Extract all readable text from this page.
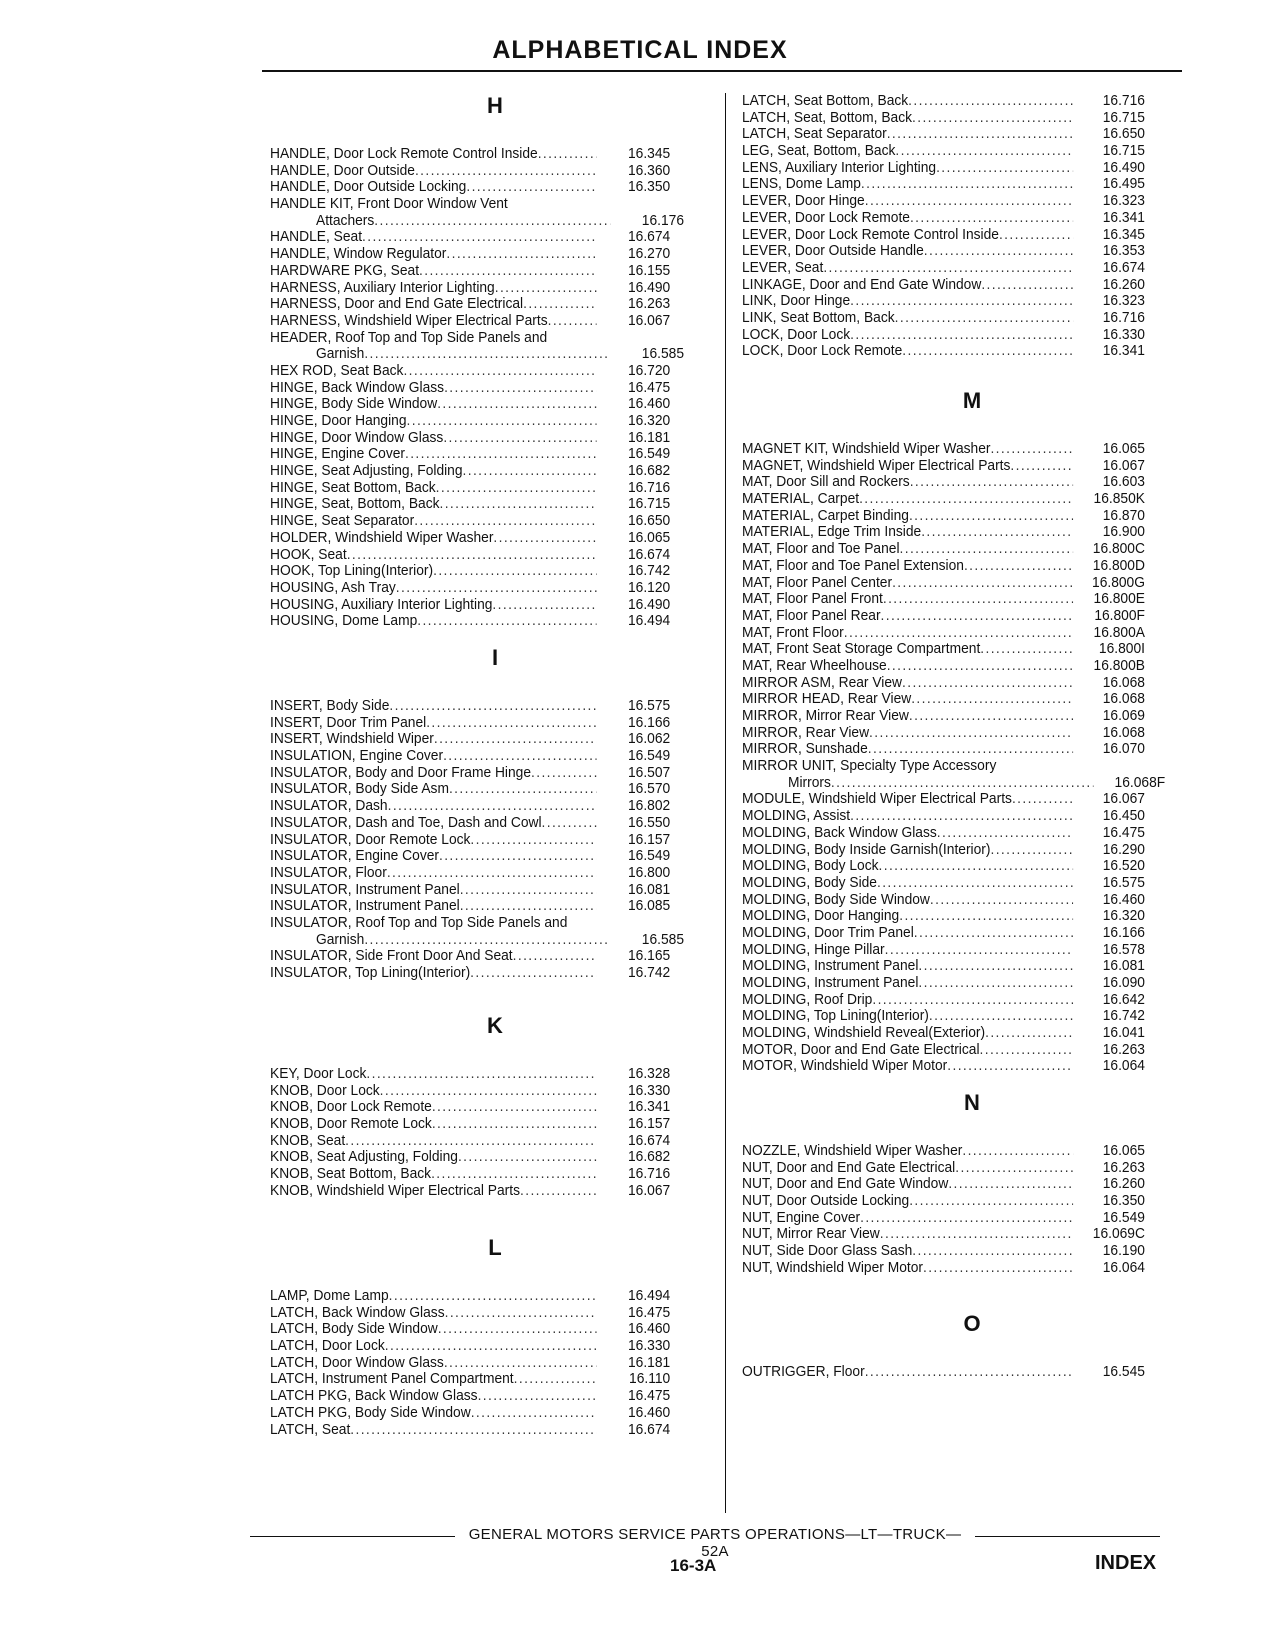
ALPHABETICAL INDEX
H
HANDLE, Door Lock Remote Control Inside .....	16.345
HANDLE, Door Outside .....	16.360
HANDLE, Door Outside Locking .....	16.350
HANDLE KIT, Front Door Window Vent
Attachers .....	16.176
HANDLE, Seat .....	16.674
HANDLE, Window Regulator .....	16.270
HARDWARE PKG, Seat .....	16.155
HARNESS, Auxiliary Interior Lighting .....	16.490
HARNESS, Door and End Gate Electrical .....	16.263
HARNESS, Windshield Wiper Electrical Parts .....	16.067
HEADER, Roof Top and Top Side Panels and
Garnish .....	16.585
HEX ROD, Seat Back .....	16.720
HINGE, Back Window Glass .....	16.475
HINGE, Body Side Window .....	16.460
HINGE, Door Hanging .....	16.320
HINGE, Door Window Glass .....	16.181
HINGE, Engine Cover .....	16.549
HINGE, Seat Adjusting, Folding .....	16.682
HINGE, Seat Bottom, Back .....	16.716
HINGE, Seat, Bottom, Back .....	16.715
HINGE, Seat Separator .....	16.650
HOLDER, Windshield Wiper Washer .....	16.065
HOOK, Seat .....	16.674
HOOK, Top Lining(Interior) .....	16.742
HOUSING, Ash Tray .....	16.120
HOUSING, Auxiliary Interior Lighting .....	16.490
HOUSING, Dome Lamp .....	16.494
I
INSERT, Body Side .....	16.575
INSERT, Door Trim Panel .....	16.166
INSERT, Windshield Wiper .....	16.062
INSULATION, Engine Cover .....	16.549
INSULATOR, Body and Door Frame Hinge .....	16.507
INSULATOR, Body Side Asm .....	16.570
INSULATOR, Dash .....	16.802
INSULATOR, Dash and Toe, Dash and Cowl .....	16.550
INSULATOR, Door Remote Lock .....	16.157
INSULATOR, Engine Cover .....	16.549
INSULATOR, Floor .....	16.800
INSULATOR, Instrument Panel .....	16.081
INSULATOR, Instrument Panel .....	16.085
INSULATOR, Roof Top and Top Side Panels and
Garnish .....	16.585
INSULATOR, Side Front Door And Seat .....	16.165
INSULATOR, Top Lining(Interior) .....	16.742
K
KEY, Door Lock .....	16.328
KNOB, Door Lock .....	16.330
KNOB, Door Lock Remote .....	16.341
KNOB, Door Remote Lock .....	16.157
KNOB, Seat .....	16.674
KNOB, Seat Adjusting, Folding .....	16.682
KNOB, Seat Bottom, Back .....	16.716
KNOB, Windshield Wiper Electrical Parts .....	16.067
L
LAMP, Dome Lamp .....	16.494
LATCH, Back Window Glass .....	16.475
LATCH, Body Side Window .....	16.460
LATCH, Door Lock .....	16.330
LATCH, Door Window Glass .....	16.181
LATCH, Instrument Panel Compartment .....	16.110
LATCH PKG, Back Window Glass .....	16.475
LATCH PKG, Body Side Window .....	16.460
LATCH, Seat .....	16.674
LATCH, Seat Bottom, Back .....	16.716
LATCH, Seat, Bottom, Back .....	16.715
LATCH, Seat Separator .....	16.650
LEG, Seat, Bottom, Back .....	16.715
LENS, Auxiliary Interior Lighting .....	16.490
LENS, Dome Lamp .....	16.495
LEVER, Door Hinge .....	16.323
LEVER, Door Lock Remote .....	16.341
LEVER, Door Lock Remote Control Inside .....	16.345
LEVER, Door Outside Handle .....	16.353
LEVER, Seat .....	16.674
LINKAGE, Door and End Gate Window .....	16.260
LINK, Door Hinge .....	16.323
LINK, Seat Bottom, Back .....	16.716
LOCK, Door Lock .....	16.330
LOCK, Door Lock Remote .....	16.341
M
MAGNET KIT, Windshield Wiper Washer .....	16.065
MAGNET, Windshield Wiper Electrical Parts .....	16.067
MAT, Door Sill and Rockers .....	16.603
MATERIAL, Carpet .....	16.850K
MATERIAL, Carpet Binding .....	16.870
MATERIAL, Edge Trim Inside .....	16.900
MAT, Floor and Toe Panel .....	16.800C
MAT, Floor and Toe Panel Extension .....	16.800D
MAT, Floor Panel Center .....	16.800G
MAT, Floor Panel Front .....	16.800E
MAT, Floor Panel Rear .....	16.800F
MAT, Front Floor .....	16.800A
MAT, Front Seat Storage Compartment .....	16.800I
MAT, Rear Wheelhouse .....	16.800B
MIRROR ASM, Rear View .....	16.068
MIRROR HEAD, Rear View .....	16.068
MIRROR, Mirror Rear View .....	16.069
MIRROR, Rear View .....	16.068
MIRROR, Sunshade .....	16.070
MIRROR UNIT, Specialty Type Accessory
Mirrors .....	16.068F
MODULE, Windshield Wiper Electrical Parts .....	16.067
MOLDING, Assist .....	16.450
MOLDING, Back Window Glass .....	16.475
MOLDING, Body Inside Garnish(Interior) .....	16.290
MOLDING, Body Lock .....	16.520
MOLDING, Body Side .....	16.575
MOLDING, Body Side Window .....	16.460
MOLDING, Door Hanging .....	16.320
MOLDING, Door Trim Panel .....	16.166
MOLDING, Hinge Pillar .....	16.578
MOLDING, Instrument Panel .....	16.081
MOLDING, Instrument Panel .....	16.090
MOLDING, Roof Drip .....	16.642
MOLDING, Top Lining(Interior) .....	16.742
MOLDING, Windshield Reveal(Exterior) .....	16.041
MOTOR, Door and End Gate Electrical .....	16.263
MOTOR, Windshield Wiper Motor .....	16.064
N
NOZZLE, Windshield Wiper Washer .....	16.065
NUT, Door and End Gate Electrical .....	16.263
NUT, Door and End Gate Window .....	16.260
NUT, Door Outside Locking .....	16.350
NUT, Engine Cover .....	16.549
NUT, Mirror Rear View .....	16.069C
NUT, Side Door Glass Sash .....	16.190
NUT, Windshield Wiper Motor .....	16.064
O
OUTRIGGER, Floor .....	16.545
GENERAL MOTORS SERVICE PARTS OPERATIONS—LT—TRUCK—52A
16-3A	INDEX
